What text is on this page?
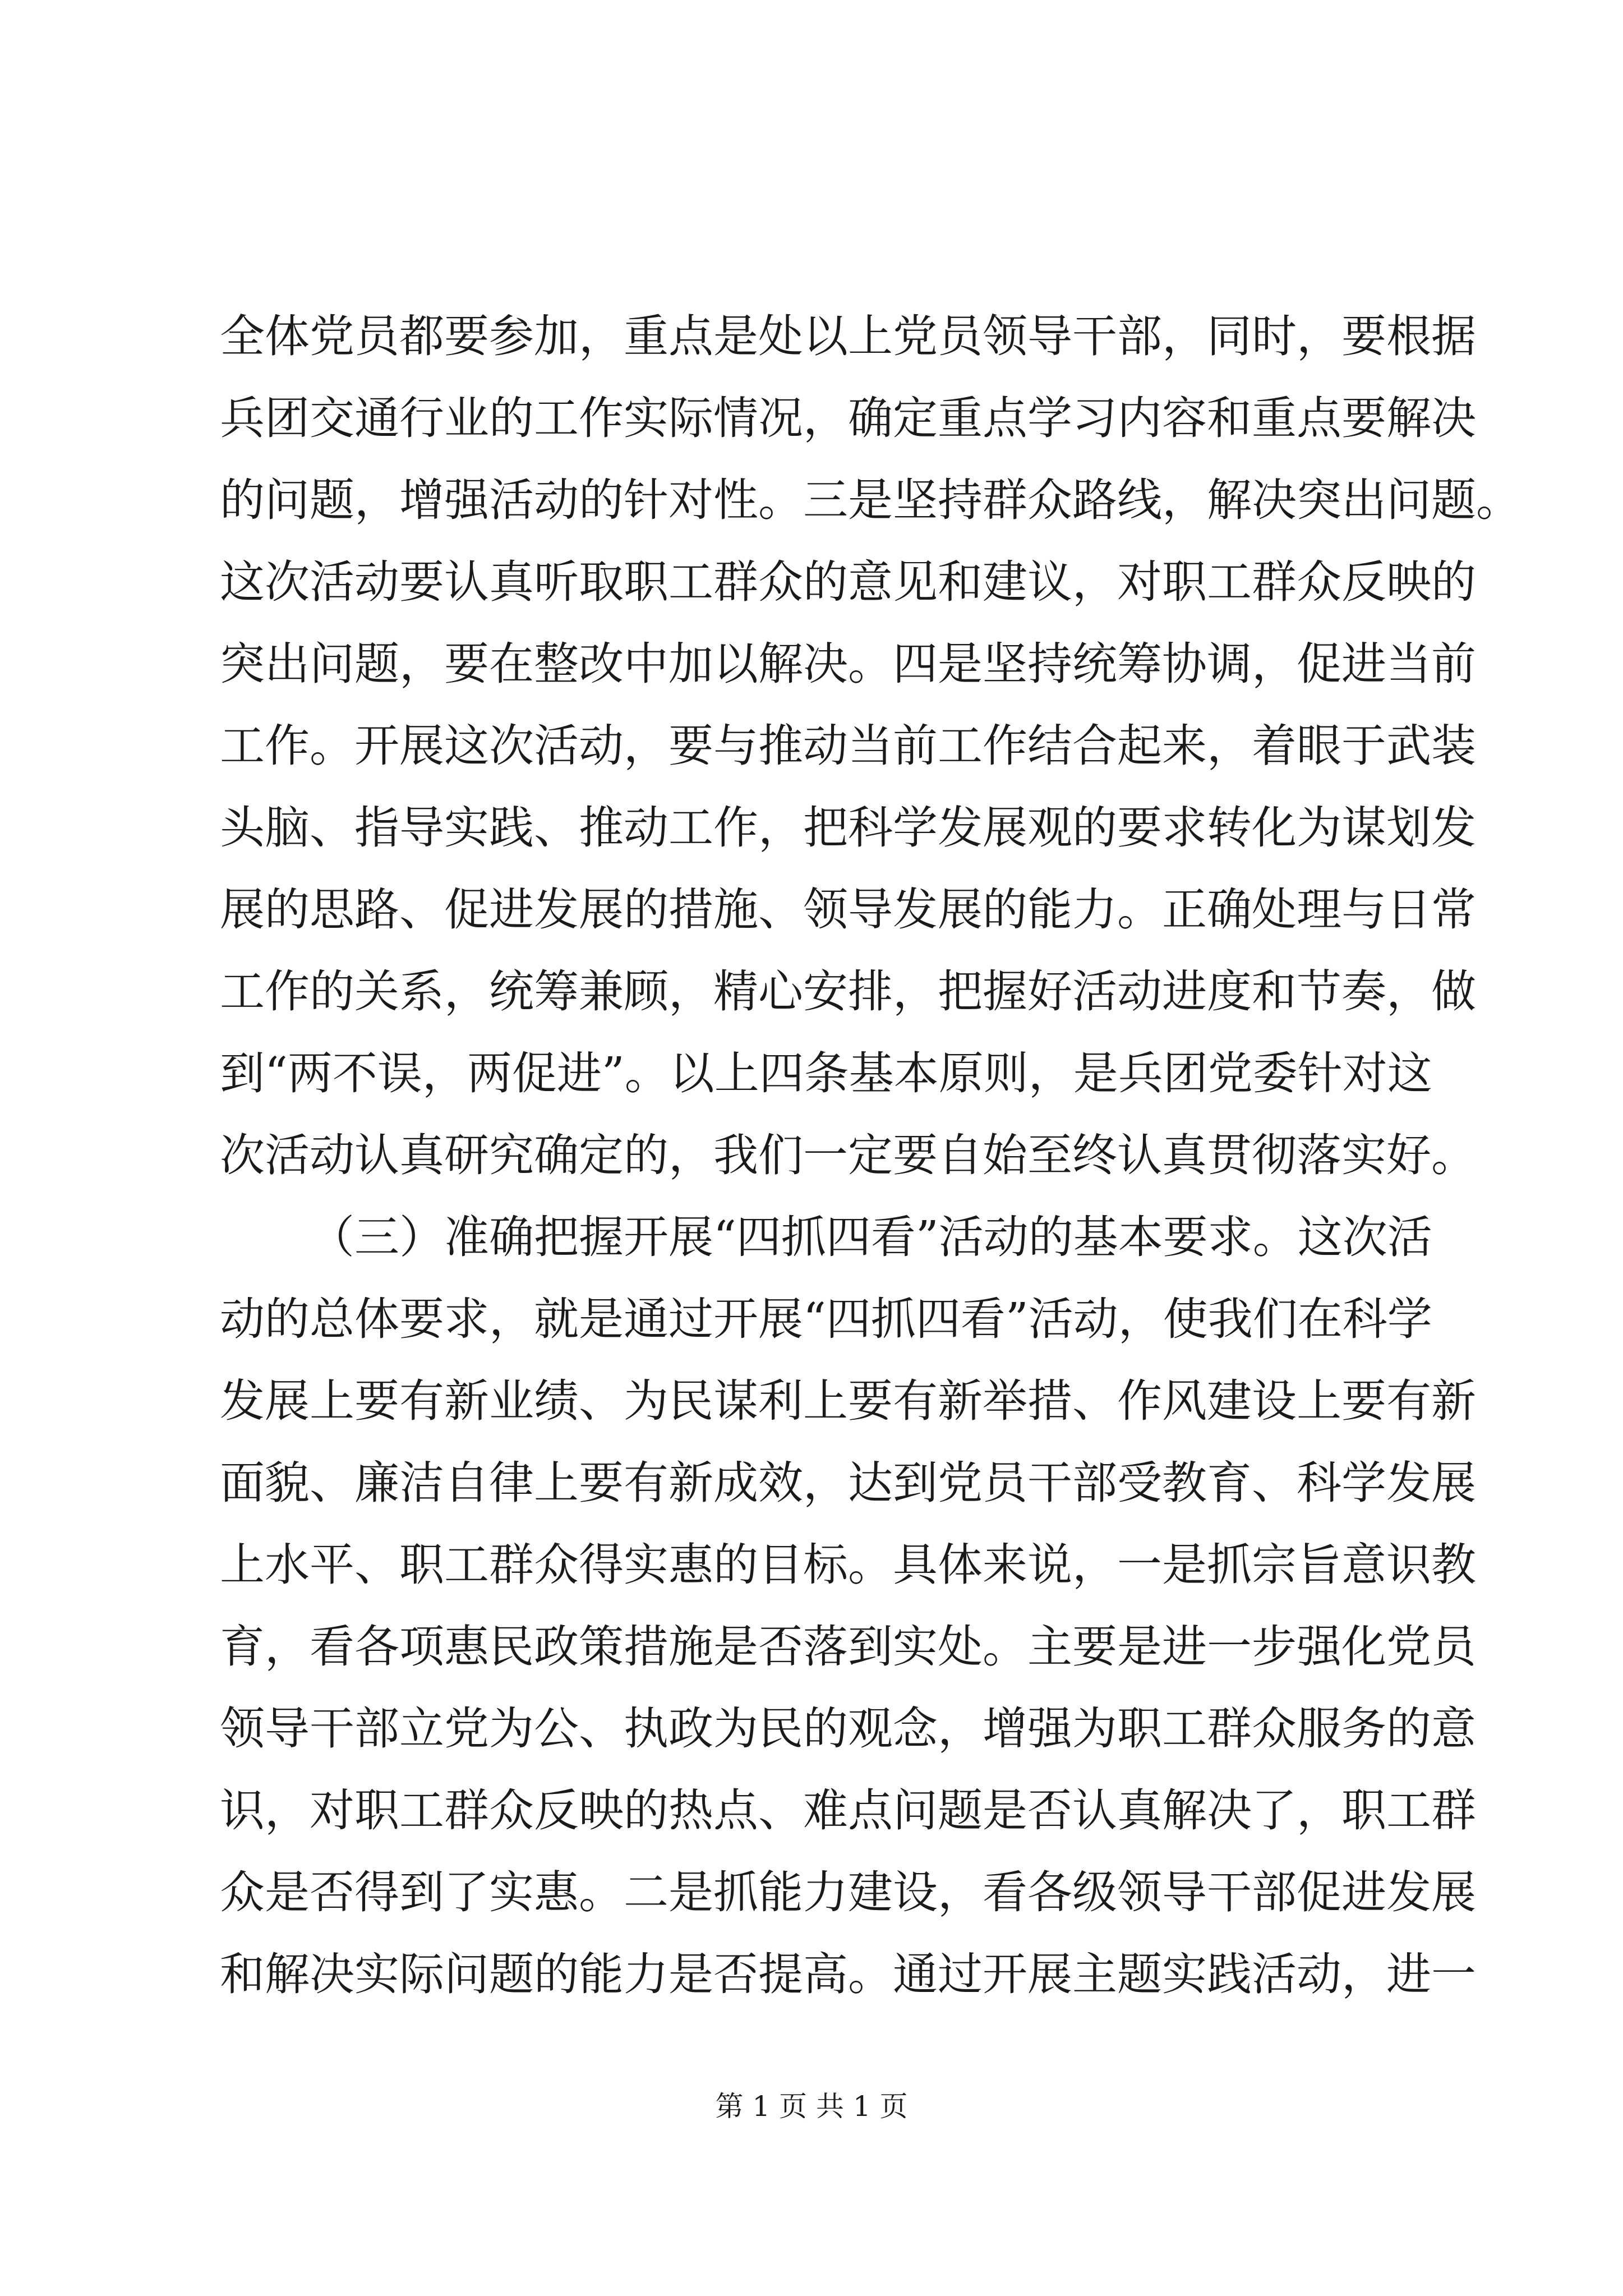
全体党员都要参加，重点是处以上党员领导干部，同时，要根据
兵团交通行业的工作实际情况，确定重点学习内容和重点要解决
的问题，增强活动的针对性。三是坚持群众路线，解决突出问题。
这次活动要认真听取职工群众的意见和建议，对职工群众反映的
突出问题，要在整改中加以解决。四是坚持统筹协调，促进当前
工作。开展这次活动，要与推动当前工作结合起来，着眼于武装
头脑、指导实践、推动工作，把科学发展观的要求转化为谋划发
展的思路、促进发展的措施、领导发展的能力。正确处理与日常
工作的关系，统筹兼顾，精心安排，把握好活动进度和节奏，做
到“两不误，两促进”。以上四条基本原则，是兵团党委针对这
次活动认真研究确定的，我们一定要自始至终认真贯彻落实好。
（三）准确把握开展“四抓四看”活动的基本要求。这次活
动的总体要求，就是通过开展“四抓四看”活动，使我们在科学
发展上要有新业绩、为民谋利上要有新举措、作风建设上要有新
面貌、廉洁自律上要有新成效，达到党员干部受教育、科学发展
上水平、职工群众得实惠的目标。具体来说，一是抓宗旨意识教
育，看各项惠民政策措施是否落到实处。主要是进一步强化党员
领导干部立党为公、执政为民的观念，增强为职工群众服务的意
识，对职工群众反映的热点、难点问题是否认真解决了，职工群
众是否得到了实惠。二是抓能力建设，看各级领导干部促进发展
和解决实际问题的能力是否提高。通过开展主题实践活动，进一
第 1 页 共 1 页
